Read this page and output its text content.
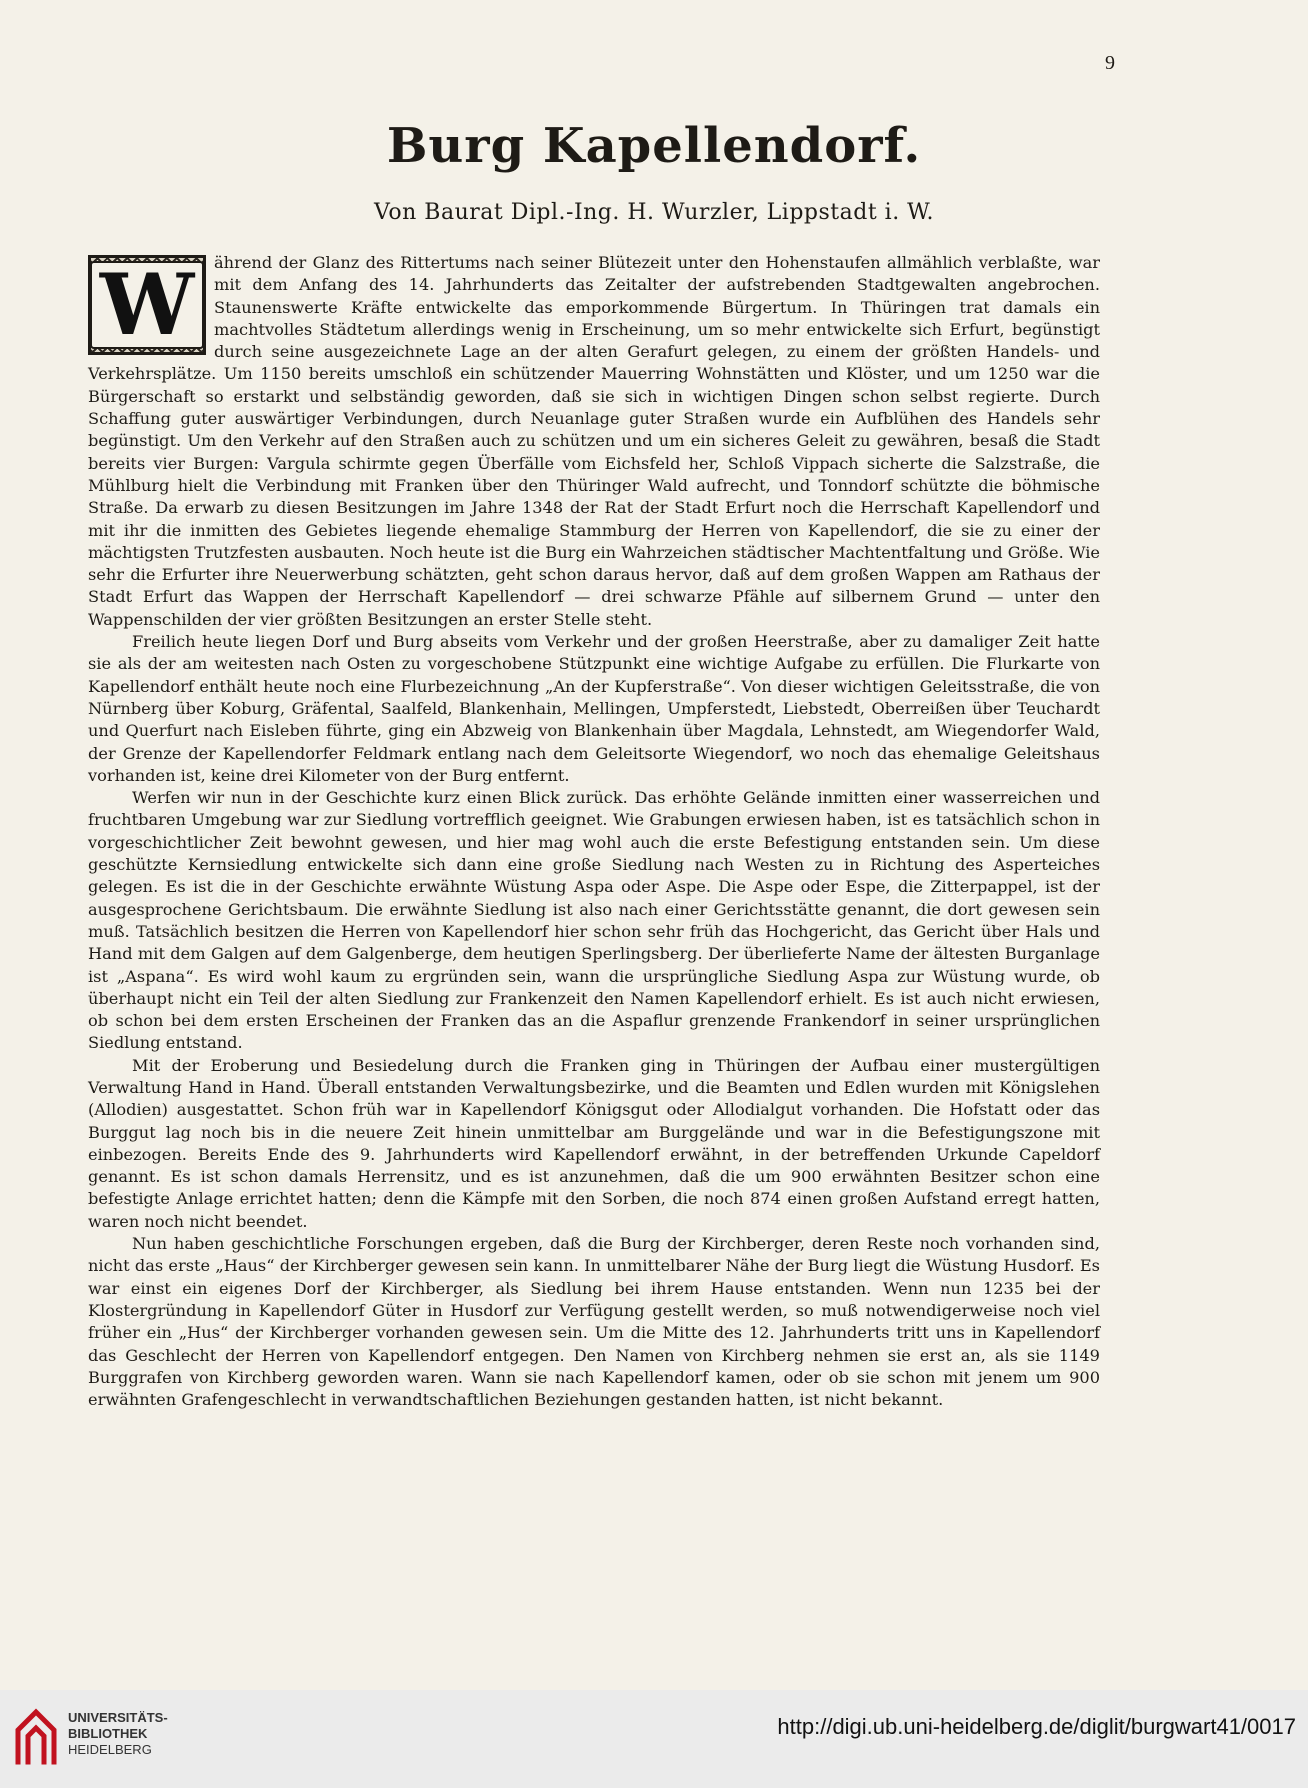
9
Burg Kapellendorf.
Von Baurat Dipl.-Ing. H. Wurzler, Lippstadt i. W.

W	ährend der Glanz des Rittertums nach seiner Blütezeit unter den Hohenstaufen allmählich verblaßte, war mit dem Anfang des 14. Jahrhunderts das Zeitalter der aufstrebenden Stadtgewalten angebrochen. Staunenswerte Kräfte entwickelte das emporkommende Bürgertum. In Thüringen trat damals ein machtvolles Städtetum allerdings wenig in Erscheinung, um so mehr entwickelte sich Erfurt, begünstigt durch seine ausgezeichnete Lage an der alten Gerafurt gelegen, zu einem der größten Handels- und Verkehrsplätze. Um 1150 bereits umschloß ein schützender Mauerring Wohnstätten und Klöster, und um 1250 war die Bürgerschaft so erstarkt und selbständig geworden, daß sie sich in wichtigen Dingen schon selbst regierte. Durch Schaffung guter auswärtiger Verbindungen, durch Neuanlage guter Straßen wurde ein Aufblühen des Handels sehr begünstigt. Um den Verkehr auf den Straßen auch zu schützen und um ein sicheres Geleit zu gewähren, besaß die Stadt bereits vier Burgen: Vargula schirmte gegen Überfälle vom Eichsfeld her, Schloß Vippach sicherte die Salzstraße, die Mühlburg hielt die Verbindung mit Franken über den Thüringer Wald aufrecht, und Tonndorf schützte die böhmische Straße. Da erwarb zu diesen Besitzungen im Jahre 1348 der Rat der Stadt Erfurt noch die Herrschaft Kapellendorf und mit ihr die inmitten des Gebietes liegende ehemalige Stammburg der Herren von Kapellendorf, die sie zu einer der mächtigsten Trutzfesten ausbauten. Noch heute ist die Burg ein Wahrzeichen städtischer Machtentfaltung und Größe. Wie sehr die Erfurter ihre Neuerwerbung schätzten, geht schon daraus hervor, daß auf dem großen Wappen am Rathaus der Stadt Erfurt das Wappen der Herrschaft Kapellendorf — drei schwarze Pfähle auf silbernem Grund — unter den Wappenschilden der vier größten Besitzungen an erster Stelle steht.

Freilich heute liegen Dorf und Burg abseits vom Verkehr und der großen Heerstraße, aber zu damaliger Zeit hatte sie als der am weitesten nach Osten zu vorgeschobene Stützpunkt eine wichtige Aufgabe zu erfüllen. Die Flurkarte von Kapellendorf enthält heute noch eine Flurbezeichnung „An der Kupferstraße“. Von dieser wichtigen Geleitsstraße, die von Nürnberg über Koburg, Gräfental, Saalfeld, Blankenhain, Mellingen, Umpferstedt, Liebstedt, Oberreißen über Teuchardt und Querfurt nach Eisleben führte, ging ein Abzweig von Blankenhain über Magdala, Lehnstedt, am Wiegendorfer Wald, der Grenze der Kapellendorfer Feldmark entlang nach dem Geleitsorte Wiegendorf, wo noch das ehemalige Geleitshaus vorhanden ist, keine drei Kilometer von der Burg entfernt.

Werfen wir nun in der Geschichte kurz einen Blick zurück. Das erhöhte Gelände inmitten einer wasserreichen und fruchtbaren Umgebung war zur Siedlung vortrefflich geeignet. Wie Grabungen erwiesen haben, ist es tatsächlich schon in vorgeschichtlicher Zeit bewohnt gewesen, und hier mag wohl auch die erste Befestigung entstanden sein. Um diese geschützte Kernsiedlung entwickelte sich dann eine große Siedlung nach Westen zu in Richtung des Asperteiches gelegen. Es ist die in der Geschichte erwähnte Wüstung Aspa oder Aspe. Die Aspe oder Espe, die Zitterpappel, ist der ausgesprochene Gerichtsbaum. Die erwähnte Siedlung ist also nach einer Gerichtsstätte genannt, die dort gewesen sein muß. Tatsächlich besitzen die Herren von Kapellendorf hier schon sehr früh das Hochgericht, das Gericht über Hals und Hand mit dem Galgen auf dem Galgenberge, dem heutigen Sperlingsberg. Der überlieferte Name der ältesten Burganlage ist „Aspana“. Es wird wohl kaum zu ergründen sein, wann die ursprüngliche Siedlung Aspa zur Wüstung wurde, ob überhaupt nicht ein Teil der alten Siedlung zur Frankenzeit den Namen Kapellendorf erhielt. Es ist auch nicht erwiesen, ob schon bei dem ersten Erscheinen der Franken das an die Aspaflur grenzende Frankendorf in seiner ursprünglichen Siedlung entstand.

Mit der Eroberung und Besiedelung durch die Franken ging in Thüringen der Aufbau einer mustergültigen Verwaltung Hand in Hand. Überall entstanden Verwaltungsbezirke, und die Beamten und Edlen wurden mit Königslehen (Allodien) ausgestattet. Schon früh war in Kapellendorf Königsgut oder Allodialgut vorhanden. Die Hofstatt oder das Burggut lag noch bis in die neuere Zeit hinein unmittelbar am Burggelände und war in die Befestigungszone mit einbezogen. Bereits Ende des 9. Jahrhunderts wird Kapellendorf erwähnt, in der betreffenden Urkunde Capeldorf genannt. Es ist schon damals Herrensitz, und es ist anzunehmen, daß die um 900 erwähnten Besitzer schon eine befestigte Anlage errichtet hatten; denn die Kämpfe mit den Sorben, die noch 874 einen großen Aufstand erregt hatten, waren noch nicht beendet.

Nun haben geschichtliche Forschungen ergeben, daß die Burg der Kirchberger, deren Reste noch vorhanden sind, nicht das erste „Haus“ der Kirchberger gewesen sein kann. In unmittelbarer Nähe der Burg liegt die Wüstung Husdorf. Es war einst ein eigenes Dorf der Kirchberger, als Siedlung bei ihrem Hause entstanden. Wenn nun 1235 bei der Klostergründung in Kapellendorf Güter in Husdorf zur Verfügung gestellt werden, so muß notwendigerweise noch viel früher ein „Hus“ der Kirchberger vorhanden gewesen sein. Um die Mitte des 12. Jahrhunderts tritt uns in Kapellendorf das Geschlecht der Herren von Kapellendorf entgegen. Den Namen von Kirchberg nehmen sie erst an, als sie 1149 Burggrafen von Kirchberg geworden waren. Wann sie nach Kapellendorf kamen, oder ob sie schon mit jenem um 900 erwähnten Grafengeschlecht in verwandtschaftlichen Beziehungen gestanden hatten, ist nicht bekannt.

UNIVERSITÄTS-
BIBLIOTHEK
HEIDELBERG
http://digi.ub.uni-heidelberg.de/diglit/burgwart41/0017
